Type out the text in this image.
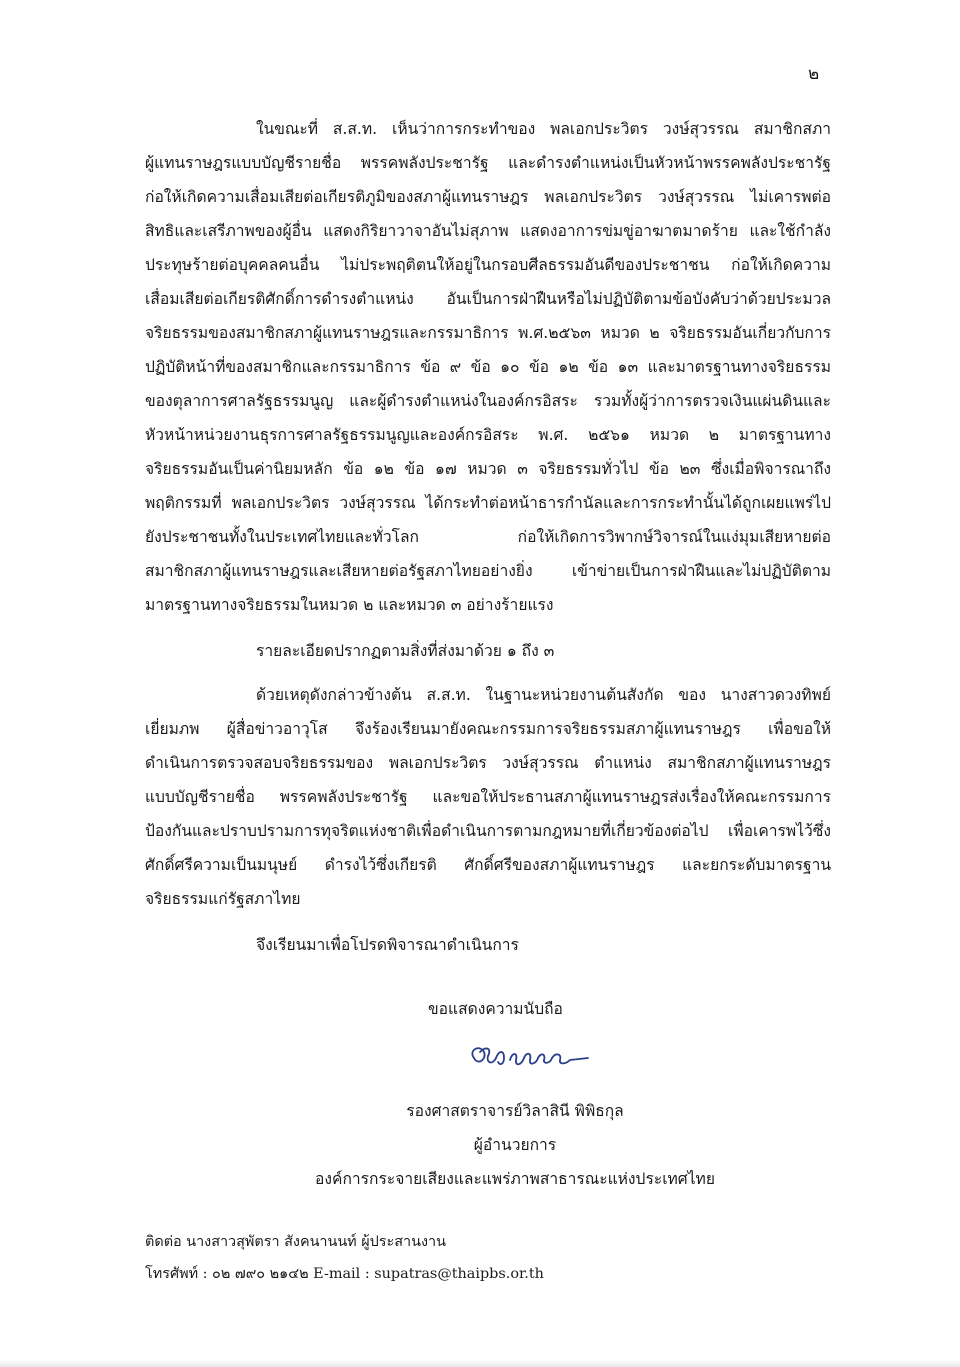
๒
ในขณะที่ ส.ส.ท. เห็นว่าการกระทำของ พลเอกประวิตร วงษ์สุวรรณ สมาชิกสภา
ผู้แทนราษฎรแบบบัญชีรายชื่อ พรรคพลังประชารัฐ และดำรงตำแหน่งเป็นหัวหน้าพรรคพลังประชารัฐ
ก่อให้เกิดความเสื่อมเสียต่อเกียรติภูมิของสภาผู้แทนราษฎร พลเอกประวิตร วงษ์สุวรรณ ไม่เคารพต่อ
สิทธิและเสรีภาพของผู้อื่น แสดงกิริยาวาจาอันไม่สุภาพ แสดงอาการข่มขู่อาฆาตมาดร้าย และใช้กำลัง
ประทุษร้ายต่อบุคคลคนอื่น ไม่ประพฤติตนให้อยู่ในกรอบศีลธรรมอันดีของประชาชน ก่อให้เกิดความ
เสื่อมเสียต่อเกียรติศักดิ์การดำรงตำแหน่ง อันเป็นการฝ่าฝืนหรือไม่ปฏิบัติตามข้อบังคับว่าด้วยประมวล
จริยธรรมของสมาชิกสภาผู้แทนราษฎรและกรรมาธิการ พ.ศ.๒๕๖๓ หมวด ๒ จริยธรรมอันเกี่ยวกับการ
ปฏิบัติหน้าที่ของสมาชิกและกรรมาธิการ ข้อ ๙ ข้อ ๑๐ ข้อ ๑๒ ข้อ ๑๓ และมาตรฐานทางจริยธรรม
ของตุลาการศาลรัฐธรรมนูญ และผู้ดำรงตำแหน่งในองค์กรอิสระ รวมทั้งผู้ว่าการตรวจเงินแผ่นดินและ
หัวหน้าหน่วยงานธุรการศาลรัฐธรรมนูญและองค์กรอิสระ พ.ศ. ๒๕๖๑ หมวด ๒ มาตรฐานทาง
จริยธรรมอันเป็นค่านิยมหลัก ข้อ ๑๒ ข้อ ๑๗ หมวด ๓ จริยธรรมทั่วไป ข้อ ๒๓ ซึ่งเมื่อพิจารณาถึง
พฤติกรรมที่ พลเอกประวิตร วงษ์สุวรรณ ได้กระทำต่อหน้าธารกำนัลและการกระทำนั้นได้ถูกเผยแพร่ไป
ยังประชาชนทั้งในประเทศไทยและทั่วโลก ก่อให้เกิดการวิพากษ์วิจารณ์ในแง่มุมเสียหายต่อ
สมาชิกสภาผู้แทนราษฎรและเสียหายต่อรัฐสภาไทยอย่างยิ่ง เข้าข่ายเป็นการฝ่าฝืนและไม่ปฏิบัติตาม
มาตรฐานทางจริยธรรมในหมวด ๒ และหมวด ๓ อย่างร้ายแรง
รายละเอียดปรากฏตามสิ่งที่ส่งมาด้วย ๑ ถึง ๓
ด้วยเหตุดังกล่าวข้างต้น ส.ส.ท. ในฐานะหน่วยงานต้นสังกัด ของ นางสาวดวงทิพย์
เยี่ยมภพ ผู้สื่อข่าวอาวุโส จึงร้องเรียนมายังคณะกรรมการจริยธรรมสภาผู้แทนราษฎร เพื่อขอให้
ดำเนินการตรวจสอบจริยธรรมของ พลเอกประวิตร วงษ์สุวรรณ ตำแหน่ง สมาชิกสภาผู้แทนราษฎร
แบบบัญชีรายชื่อ พรรคพลังประชารัฐ และขอให้ประธานสภาผู้แทนราษฎรส่งเรื่องให้คณะกรรมการ
ป้องกันและปราบปรามการทุจริตแห่งชาติเพื่อดำเนินการตามกฎหมายที่เกี่ยวข้องต่อไป เพื่อเคารพไว้ซึ่ง
ศักดิ์ศรีความเป็นมนุษย์ ดำรงไว้ซึ่งเกียรติ ศักดิ์ศรีของสภาผู้แทนราษฎร และยกระดับมาตรฐาน
จริยธรรมแก่รัฐสภาไทย
จึงเรียนมาเพื่อโปรดพิจารณาดำเนินการ
ขอแสดงความนับถือ
รองศาสตราจารย์วิลาสินี พิพิธกุล
ผู้อำนวยการ
องค์การกระจายเสียงและแพร่ภาพสาธารณะแห่งประเทศไทย
ติดต่อ นางสาวสุพัตรา สังคนานนท์ ผู้ประสานงาน
โทรศัพท์ : ๐๒ ๗๙๐ ๒๑๔๒ E-mail : supatras@thaipbs.or.th
